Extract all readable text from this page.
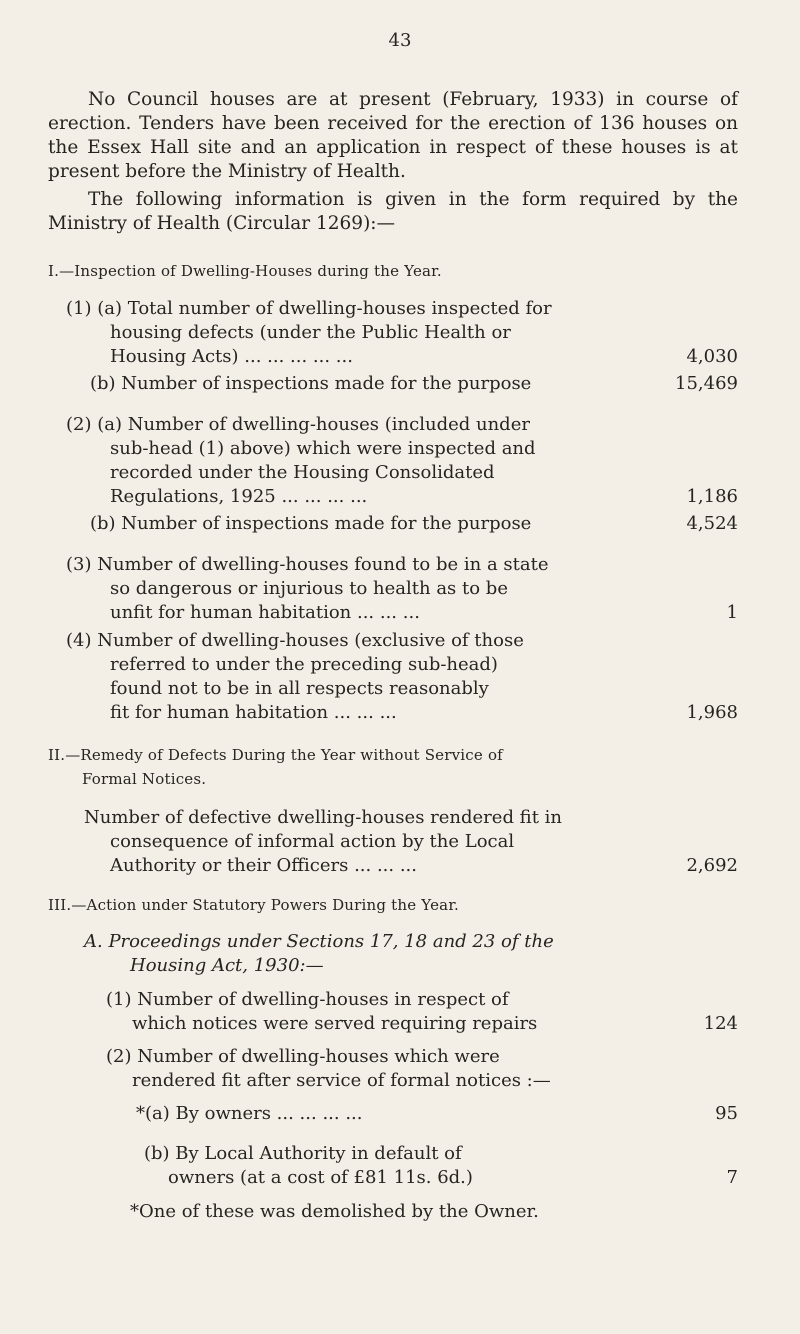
43

No Council houses are at present (February, 1933) in course of erection. Tenders have been received for the erection of 136 houses on the Essex Hall site and an application in respect of these houses is at present before the Ministry of Health.

The following information is given in the form required by the Ministry of Health (Circular 1269):—

I.—Inspection of Dwelling-Houses during the Year.

(1) (a) Total number of dwelling-houses inspected for
housing defects (under the Public Health or
Housing Acts) ... ... ... ... ...	4,030
(b) Number of inspections made for the purpose	15,469
(2) (a) Number of dwelling-houses (included under
sub-head (1) above) which were inspected and
recorded under the Housing Consolidated
Regulations, 1925 ... ... ... ...	1,186
(b) Number of inspections made for the purpose	4,524
(3) Number of dwelling-houses found to be in a state
so dangerous or injurious to health as to be
unfit for human habitation ... ... ...	1
(4) Number of dwelling-houses (exclusive of those
referred to under the preceding sub-head)
found not to be in all respects reasonably
fit for human habitation ... ... ...	1,968

II.—Remedy of Defects During the Year without Service of

Formal Notices.

Number of defective dwelling-houses rendered fit in
consequence of informal action by the Local
Authority or their Officers ... ... ...	2,692

III.—Action under Statutory Powers During the Year.

A. Proceedings under Sections 17, 18 and 23 of the
Housing Act, 1930:—
(1) Number of dwelling-houses in respect of
which notices were served requiring repairs	124
(2) Number of dwelling-houses which were
rendered fit after service of formal notices :—
*(a) By owners ... ... ... ...	95
(b) By Local Authority in default of
owners (at a cost of £81 11s. 6d.)	7
*One of these was demolished by the Owner.
